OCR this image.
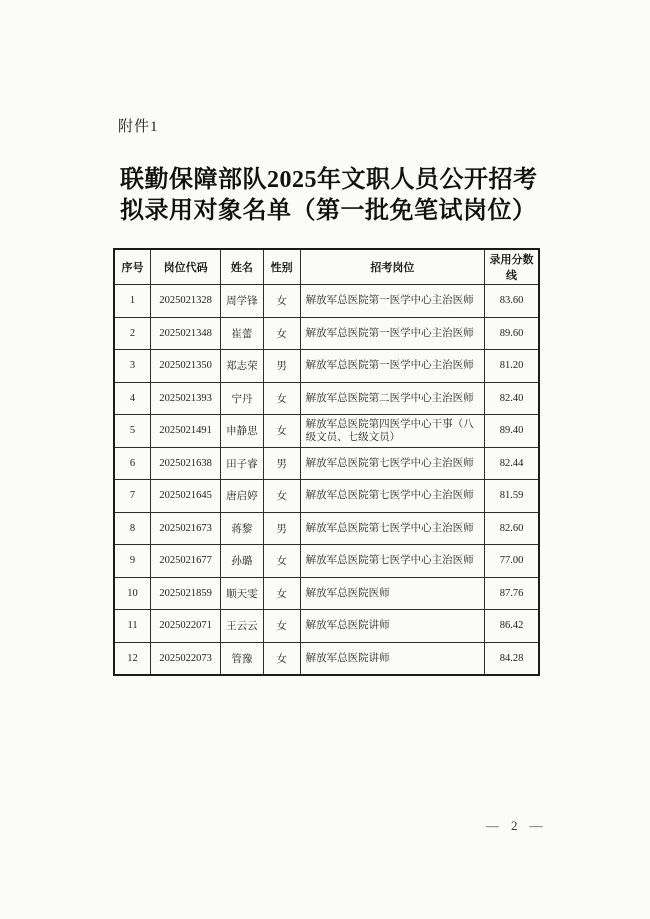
附件1
联勤保障部队2025年文职人员公开招考
拟录用对象名单（第一批免笔试岗位）
序号	岗位代码	姓名	性别	招考岗位	录用分数线
1	2025021328	周学锋	女	解放军总医院第一医学中心主治医师	83.60
2	2025021348	崔蕾	女	解放军总医院第一医学中心主治医师	89.60
3	2025021350	郑志荣	男	解放军总医院第一医学中心主治医师	81.20
4	2025021393	宁丹	女	解放军总医院第二医学中心主治医师	82.40
5	2025021491	申静思	女	解放军总医院第四医学中心干事（八级文员、七级文员）	89.40
6	2025021638	田子睿	男	解放军总医院第七医学中心主治医师	82.44
7	2025021645	唐启婷	女	解放军总医院第七医学中心主治医师	81.59
8	2025021673	蒋黎	男	解放军总医院第七医学中心主治医师	82.60
9	2025021677	孙璐	女	解放军总医院第七医学中心主治医师	77.00
10	2025021859	顺天雯	女	解放军总医院医师	87.76
11	2025022071	王云云	女	解放军总医院讲师	86.42
12	2025022073	管豫	女	解放军总医院讲师	84.28
— 2 —
